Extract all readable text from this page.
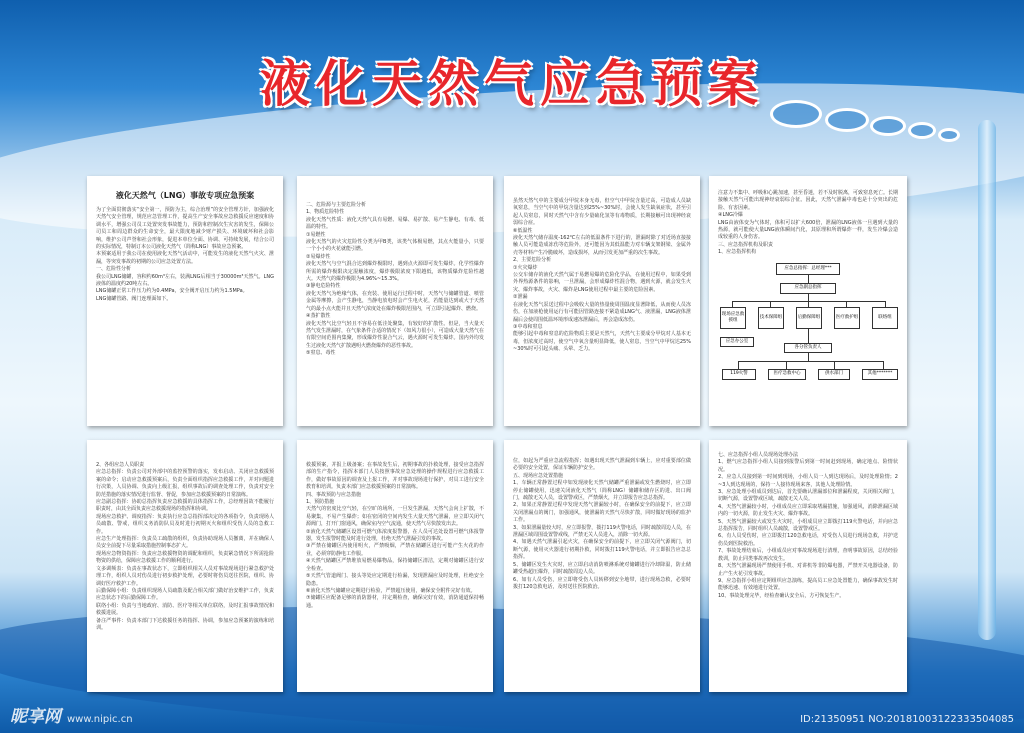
液化天然气应急预案
液化天然气（LNG）事故专项应急预案
为了全面贯彻落实“安全第一，预防为主，综合治理”的安全管理方针，加强液化天然气安全管理，规范应急管理工作，提高生产安全事故应急救援反应速度和协调水平，增强公司员工处置突发事故能力，预防和控制次生灾害的发生，保障公司员工和周边群众的生命安全，最大限度地减少财产损失、环境破坏和社会影响，维护公司声誉和社会形象，促进本单位全面、协调、可持续发展，结合公司的实际情况，特制订本公司液化天然气（简称LNG）事故应急预案。
本预案适用于我公司在使用液化天然气活动中，可能发生的液化天然气火灾、泄漏，等突发事故的初期的公司应急处置方法。
一、危险性分析
我公司LNG储罐，容积约60m³左右，装满LNG后相当于30000m³天然气。LNG液体的温度约20吨左右。
LNG储罐正常工作压力约为0.4MPa，安全阀开启压力约为1.5MPa。
LNG储罐管路、阀门连理面如下。
二、危险源与主要危险分析
1、物质危险特性
液化天然气性质：液化天然气具有易燃、易爆、易扩散、易产生静电、有毒、低温的特性。
①易燃性
液化天然气的火灾危险性分类为甲B类，该类气体极易燃，其点火能量小，只要一个小小的火花就能引燃。
②易爆炸性
液化天然气与空气混合达到爆炸极限时，遇到点火源即可发生爆炸。化学性爆炸所需的爆炸极限决定混触浓度，爆炸极限浓度下限越低，该物质爆炸危险性越大。天然气的爆炸极限为4.96%~15.3%。
③静电危险特性
液化天然气为绝缘气体，在充装、使用运行过程中时，天然气与储罐管道、喷管金属等摩擦，会产生静电，当静电放电时会产生电火花，若能量达到或大于天然气的最小点火能并且天然气浓度处在爆炸极限范围内，可立即引起爆炸、燃烧。
④蒸扩散性
液化天然气比空气轻且不容易在低洼处聚集，有较好的扩散性。但是，当大量天然气发生泄漏时，在气象条件合适的情况下（如风力很小），可造成大量天然气在有限空间范围内集聚，形成爆炸性混合气云，遇火源时可发生爆炸。国内外均发生过液化天然气扩散遇明火燃烧爆炸的恶性事故。
⑤窒息、毒性
虽然天然气中的主要成分甲烷本身无毒，但空气中甲烷含量过高，可造成人员缺氧窒息，当空气中的甲烷含量达到25%~30%时，会使人发生缺氧症状，甚至引起人员窒息，同时天然气中含有少量硫化氢等有毒物质，长期接触可出现神经衰弱综合症。
⑥低温性
液化天然气储存温度-162℃左右的低温条件下进行的，泄漏时除了对近场直接接触人员可能造成冻伤等危险外，还可能因为其低温能力对车辆支架钢梁、金属外壳等材料产生冷脆破坏，造成损坏，从而引发更加严重的次生事故。
2、主要危险分析
①火灾爆炸
公交车储存的液化天然气属于易燃易爆的危险化学品，在使用过程中，如果受到外界热源条件的影响，一旦泄漏，会形成爆炸性混合物，遇到火源，就会发生火灾、爆炸事故，火灾、爆炸是LNG使用过程中最主要的危险因素。
②泄漏
在液化天然气泵送过程中会吸收大量的热量使周围温度显著降低，从而使人员冻伤，在加液枪使用运行有可能因管路连接不紧造成LNG气、液泄漏，LNG液体泄漏后会使周围低温环境形成速冻泄漏后，再会造成冻伤。
③中毒和窒息
能够引起中毒和窒息的危险物质主要是天然气，天然气主要成分甲烷对人基本无毒，但浓度过高时，使空气中氧含量明显降低，使人窒息，当空气中甲烷达25%~30%时可引起头痛、头晕、乏力。
注意力不集中、呼吸和心跳加速，甚至昏迷，若不及时脱离，可致窒息死亡。长期接触天然气可能出现神经衰弱综合征。因此，天然气泄漏中毒也是十分突出的危险、有害因素。
④LNG冷爆
LNG由液体变为气体时，体积可以扩大600倍，泄漏的LNG液体一旦遇到大量的热源，就可能使大量LNG液体瞬间汽化，其原理和所谓爆炸一样，发生冷爆会造成较重的人身伤害。
三、应急指挥机构及职责
1、应急指挥机构
应急总指挥：总经理***
应急副总指挥
现场应急救援组
技术保障组	后勤保障组	医疗救护组	联络组
应急办公室
各分管负责人
119火警	医疗急救中心	供水部门	其他*******
2、各组应急人员职责
应急总指挥：负责公司对外部中的监控预警的落实，发布启动、关闭应急救援预案的命令；启动应急救援预案后，负责全面组织指挥应急救援工作，并对问题进行决策，人员协调、负责向上级汇报，组织事故后的调查处理工作，负责对安全防范措施的落实情况进行监督、督促，参加应急救援预案的日常演练。
应急副总指挥：协助总指挥负责应急救援的具体指挥工作，总经理因故不能履行职责时，由其全面负责应急救援现场的指挥和协调。
现场应急救护、调度指挥：负责执行应急总指挥部决定的各项指令，负责现场人员疏散、警戒，组织义务消防队员及时进行初期灭火和组织受伤人员的急救工作。
应急生产处理指挥：负责员工疏散的组织，负责协助现场人员撤离，并在确保人员安全前提下尽量采取措施控制事态扩大。
现场应急物资指挥：负责应急救援物资的调配和组织，负责紧急情况下所需抢险物资的供给，保障应急救援工作的顺利进行。
文多调频表：负责在事故状态下，立即组织相关人员对事故现场进行紧急救护处理工作，组织人员对伤员进行初步救护处理，必要时将伤员送往医院，组织、协调好医疗救护工作。
后勤保障小组：负责组织现场人员疏散及配合相关部门做好治安维护工作，负责应急状态下的后勤保障工作。
联络小组：负责与当地政府、消防、医疗等相关单位联络，及时汇报事故情况和救援进展。
备注严事件：负责本部门下达救援任务的指挥、协调，参加应急预案的演练和培训。
救援预案，并报上级备案；在事故发生后，初期事故的扑救处理，接受应急指挥部的生产指令，指挥本部门人员按照事故应急处理的操作规程进行应急救援工作，做好事故原因的调查及上报工作，并对事故现场进行保护，对员工进行安全教育和培训。负责本部门应急救援预案的日常演练。
四、事故预防与应急措施
1、预防措施
天然气的密度比空气轻，在空旷的场所，一旦发生泄漏，天然气会向上扩散，不易聚集，不易产生爆炸；如在密闭的空间内发生大量天然气泄漏，应立即关闭气源阀门，打开门窗通风，确保室内空气流通，使天然气尽快散发出去。
②液化天然气储罐区设置可燃气体浓度报警器，在人员可达处设置可燃气体报警器，发生报警时能及时进行处理，杜绝天然气泄漏引发的事故。
③严禁在储罐区内使用明火，严禁吸烟，严禁在储罐区进行可能产生火花的作业，必须穿防静电工作服。
④天然气储罐区严禁堆放易燃易爆物品，保持储罐区清洁，定期对储罐区进行安全检查。
⑤天然气管道阀门、接头等处应定期进行检漏，发现泄漏应及时处理，杜绝安全隐患。
⑥液化天然气储罐应定期进行检验，严禁超压使用，确保安全附件完好有效。
⑦储罐区应配备足够的消防器材，并定期检查，确保完好有效，消防通道保持畅通。
位，如起为严重应急流程指挥；如遇出现天然气泄漏到车辆上，应对重要部位做必要的安全处置，保证车辆防护安全。
五、现场应急处置措施
1、车辆正常静置过程中如发现液化天然气储罐严重泄漏或发生燃烧时，应立即停止储罐使用，迅速关闭液化天然气（简称LNG）储罐和储存区的进、出口阀门，疏散无关人员，设置警戒区，严禁烟火，并立即报告应急总指挥。
2、如果正常静置过程中发现天然气泄漏较小时，在确保安全的前提下，应立即关闭泄漏点的阀门，加强通风，使泄漏的天然气尽快扩散，同时做好现场的监护工作。
3、如果泄漏量较大时，应立即报警，拨打119火警电话，同时疏散周边人员，在泄漏区域周围设置警戒线，严禁无关人员进入，消除一切火源。
4、如遇天然气泄漏引起火灾，在确保安全的前提下，应立即关闭气源阀门，切断气源，使用灭火器进行初期扑救，同时拨打119火警电话，并立即报告应急总指挥。
5、储罐区发生火灾时，应立即启动消防喷淋系统对储罐进行冷却降温，防止储罐受热超压爆炸，同时疏散周边人员。
6、如有人员受伤，应立即将受伤人员转移到安全地带，进行现场急救，必要时拨打120急救电话，及时送往医院救治。
七、应急指挥小组人员现场处理办法
1、燃气应急指挥小组人员接到报警后到第一时间赶到现场，确定地点、险情状况。
2、应急人员接到第一时间到现场，小组人员一人到达现场后，及时处理险情；2~3人到达现场的，保持一人接待现场来客，其他人处理险情。
3、应急处理小组成员到达后，首先要确认泄漏部位和泄漏程度，关闭相关阀门，切断气源，设置警戒区域，疏散无关人员。
4、天然气泄漏较小时，小组成员应立即采取堵漏措施，加强通风，消除泄漏区域内的一切火源，防止发生火灾、爆炸事故。
5、天然气泄漏较大或发生火灾时，小组成员应立即拨打119火警电话，并向应急总指挥报告，同时组织人员疏散，设置警戒区。
6、有人员受伤时，应立即拨打120急救电话，对受伤人员进行现场急救，并护送伤员到医院救治。
7、事故处理结束后，小组成员应对事故现场进行清理，查明事故原因，总结经验教训，防止同类事故再次发生。
8、天然气泄漏现场严禁使用手机、对讲机等非防爆电器，严禁开关电器设备，防止产生火花引发事故。
9、应急指挥小组应定期组织应急演练，提高员工应急处置能力，确保事故发生时能够迅速、有效地进行处置。
10、事故处理完毕，经检查确认安全后，方可恢复生产。
昵享网 www.nipic.cn	ID:21350951 NO:20181003122333504085
